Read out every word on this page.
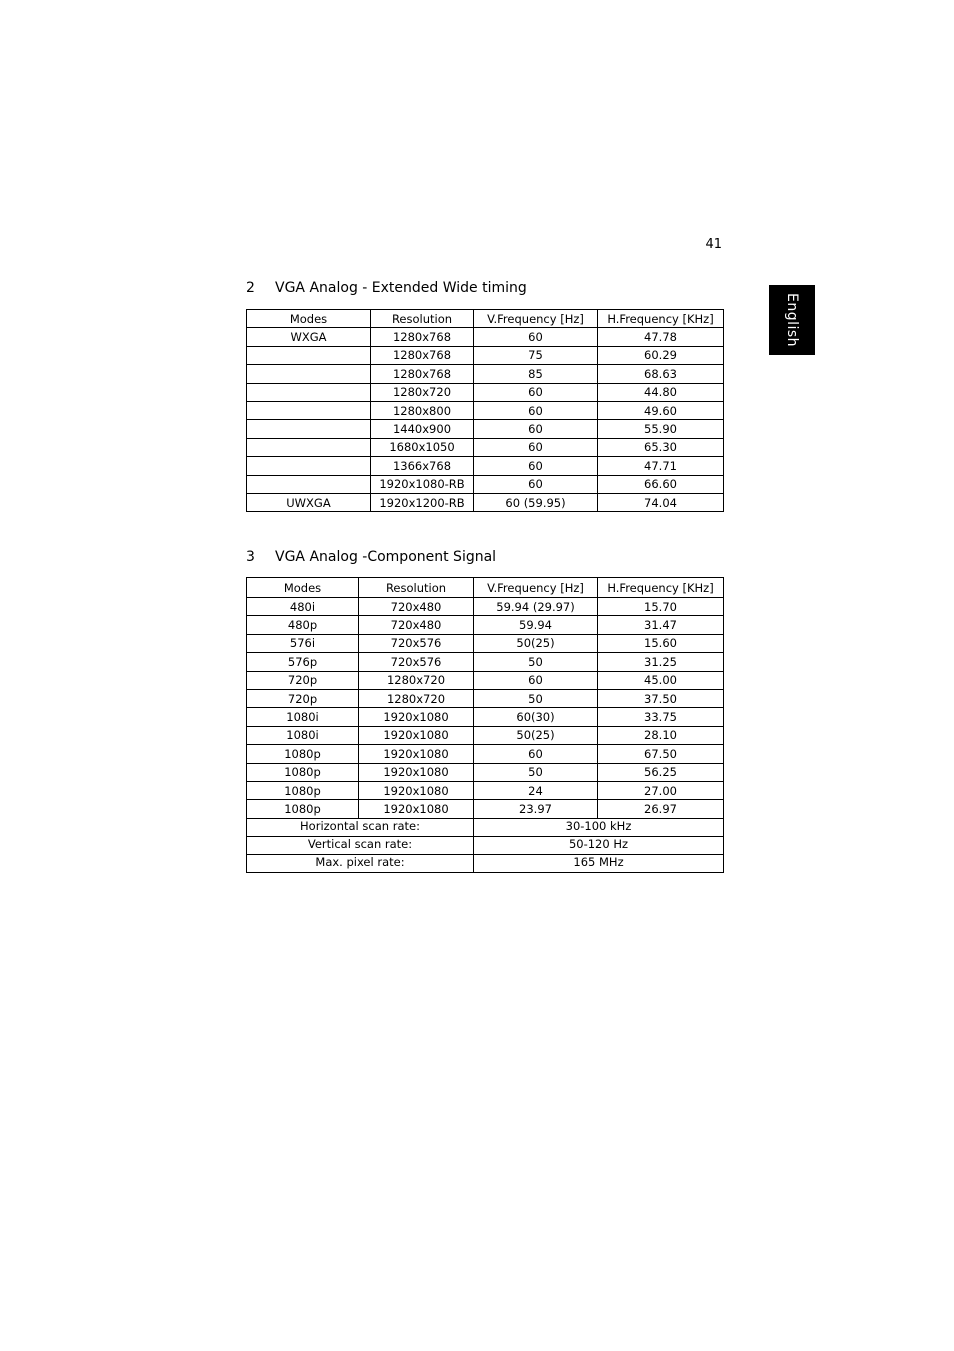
41
English
2 VGA Analog - Extended Wide timing
Modes	Resolution	V.Frequency [Hz]	H.Frequency [KHz]
WXGA	1280x768	60	47.78
	1280x768	75	60.29
	1280x768	85	68.63
	1280x720	60	44.80
	1280x800	60	49.60
	1440x900	60	55.90
	1680x1050	60	65.30
	1366x768	60	47.71
	1920x1080-RB	60	66.60
UWXGA	1920x1200-RB	60 (59.95)	74.04
3 VGA Analog -Component Signal
Modes	Resolution	V.Frequency [Hz]	H.Frequency [KHz]
480i	720x480	59.94 (29.97)	15.70
480p	720x480	59.94	31.47
576i	720x576	50(25)	15.60
576p	720x576	50	31.25
720p	1280x720	60	45.00
720p	1280x720	50	37.50
1080i	1920x1080	60(30)	33.75
1080i	1920x1080	50(25)	28.10
1080p	1920x1080	60	67.50
1080p	1920x1080	50	56.25
1080p	1920x1080	24	27.00
1080p	1920x1080	23.97	26.97
Horizontal scan rate:		30-100 kHz	
Vertical scan rate:		50-120 Hz	
Max. pixel rate:		165 MHz	
